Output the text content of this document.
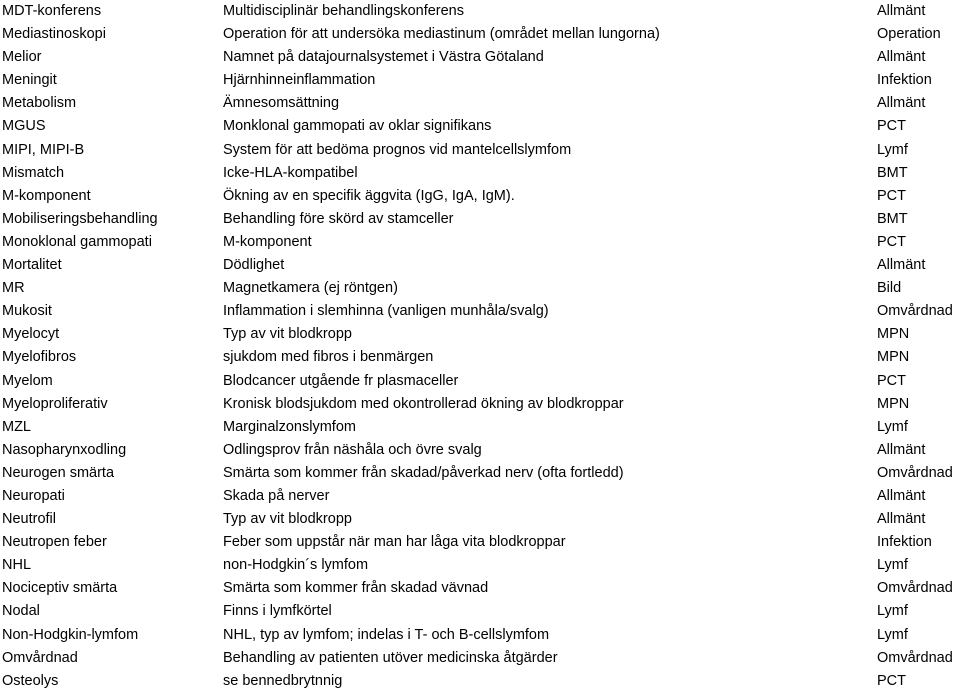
MDT-konferens	Multidisciplinär behandlingskonferens	Allmänt
Mediastinoskopi	Operation för att undersöka mediastinum (området mellan lungorna)	Operation
Melior	Namnet på datajournalsystemet i Västra Götaland	Allmänt
Meningit	Hjärnhinneinflammation	Infektion
Metabolism	Ämnesomsättning	Allmänt
MGUS	Monklonal gammopati av oklar signifikans	PCT
MIPI, MIPI-B	System för att bedöma prognos vid mantelcellslymfom	Lymf
Mismatch	Icke-HLA-kompatibel	BMT
M-komponent	Ökning av en specifik äggvita (IgG, IgA, IgM).	PCT
Mobiliseringsbehandling	Behandling före skörd av stamceller	BMT
Monoklonal gammopati	M-komponent	PCT
Mortalitet	Dödlighet	Allmänt
MR	Magnetkamera (ej röntgen)	Bild
Mukosit	Inflammation i slemhinna (vanligen munhåla/svalg)	Omvårdnad
Myelocyt	Typ av vit blodkropp	MPN
Myelofibros	sjukdom med fibros i benmärgen	MPN
Myelom	Blodcancer utgående fr plasmaceller	PCT
Myeloproliferativ	Kronisk blodsjukdom med okontrollerad ökning av blodkroppar	MPN
MZL	Marginalzonslymfom	Lymf
Nasopharynxodling	Odlingsprov från näshåla och övre svalg	Allmänt
Neurogen smärta	Smärta som kommer från skadad/påverkad nerv (ofta fortledd)	Omvårdnad
Neuropati	Skada på nerver	Allmänt
Neutrofil	Typ av vit blodkropp	Allmänt
Neutropen feber	Feber som uppstår när man har låga vita blodkroppar	Infektion
NHL	non-Hodgkin´s lymfom	Lymf
Nociceptiv smärta	Smärta som kommer från skadad vävnad	Omvårdnad
Nodal	Finns i lymfkörtel	Lymf
Non-Hodgkin-lymfom	NHL, typ av lymfom; indelas i T- och B-cellslymfom	Lymf
Omvårdnad	Behandling av patienten utöver medicinska åtgärder	Omvårdnad
Osteolys	se bennedbrytnnig	PCT
